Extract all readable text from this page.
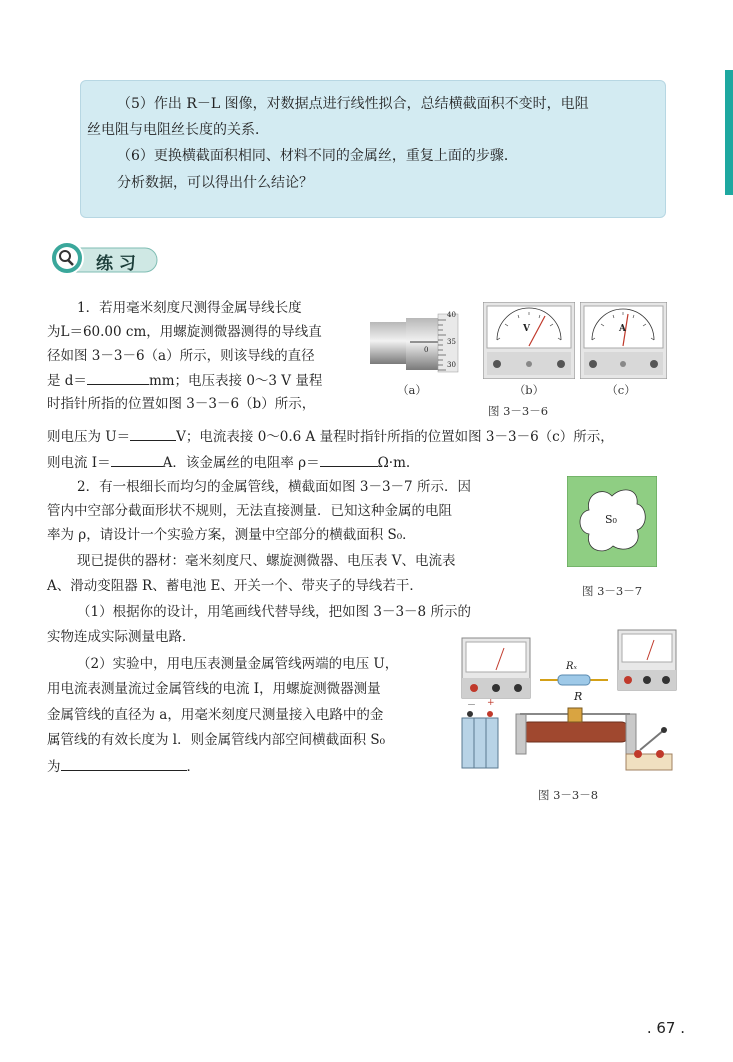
（5）作出 R－L 图像，对数据点进行线性拟合，总结横截面积不变时，电阻

丝电阻与电阻丝长度的关系．

（6）更换横截面积相同、材料不同的金属丝，重复上面的步骤．

分析数据，可以得出什么结论？

练 习
1．若用毫米刻度尺测得金属导线长度
为L＝60.00 cm，用螺旋测微器测得的导线直
径如图 3－3－6（a）所示，则该导线的直径
是 d＝	mm；电压表接 0～3 V 量程
时指针所指的位置如图 3－3－6（b）所示，
则电压为 U＝	V；电流表接 0～0.6 A 量程时指针所指的位置如图 3－3－6（c）所示，
则电流 I＝	A．该金属丝的电阻率 ρ＝	Ω·m.
40
35
30
0
（a）
V
（b）
A
（c）
图 3－3－6
2．有一根细长而均匀的金属管线，横截面如图 3－3－7 所示．因
管内中空部分截面形状不规则，无法直接测量．已知这种金属的电阻
率为 ρ，请设计一个实验方案，测量中空部分的横截面积 S₀．
现已提供的器材：毫米刻度尺、螺旋测微器、电压表 V、电流表
A、滑动变阻器 R、蓄电池 E、开关一个、带夹子的导线若干．
（1）根据你的设计，用笔画线代替导线，把如图 3－3－8 所示的
实物连成实际测量电路．
（2）实验中，用电压表测量金属管线两端的电压 U，
用电流表测量流过金属管线的电流 I，用螺旋测微器测量
金属管线的直径为 a，用毫米刻度尺测量接入电路中的金
属管线的有效长度为 l．则金属管线内部空间横截面积 S₀
为	．
S₀
图 3－3－7
Rₓ
R
+
－
图 3－3－8
. 67 .
